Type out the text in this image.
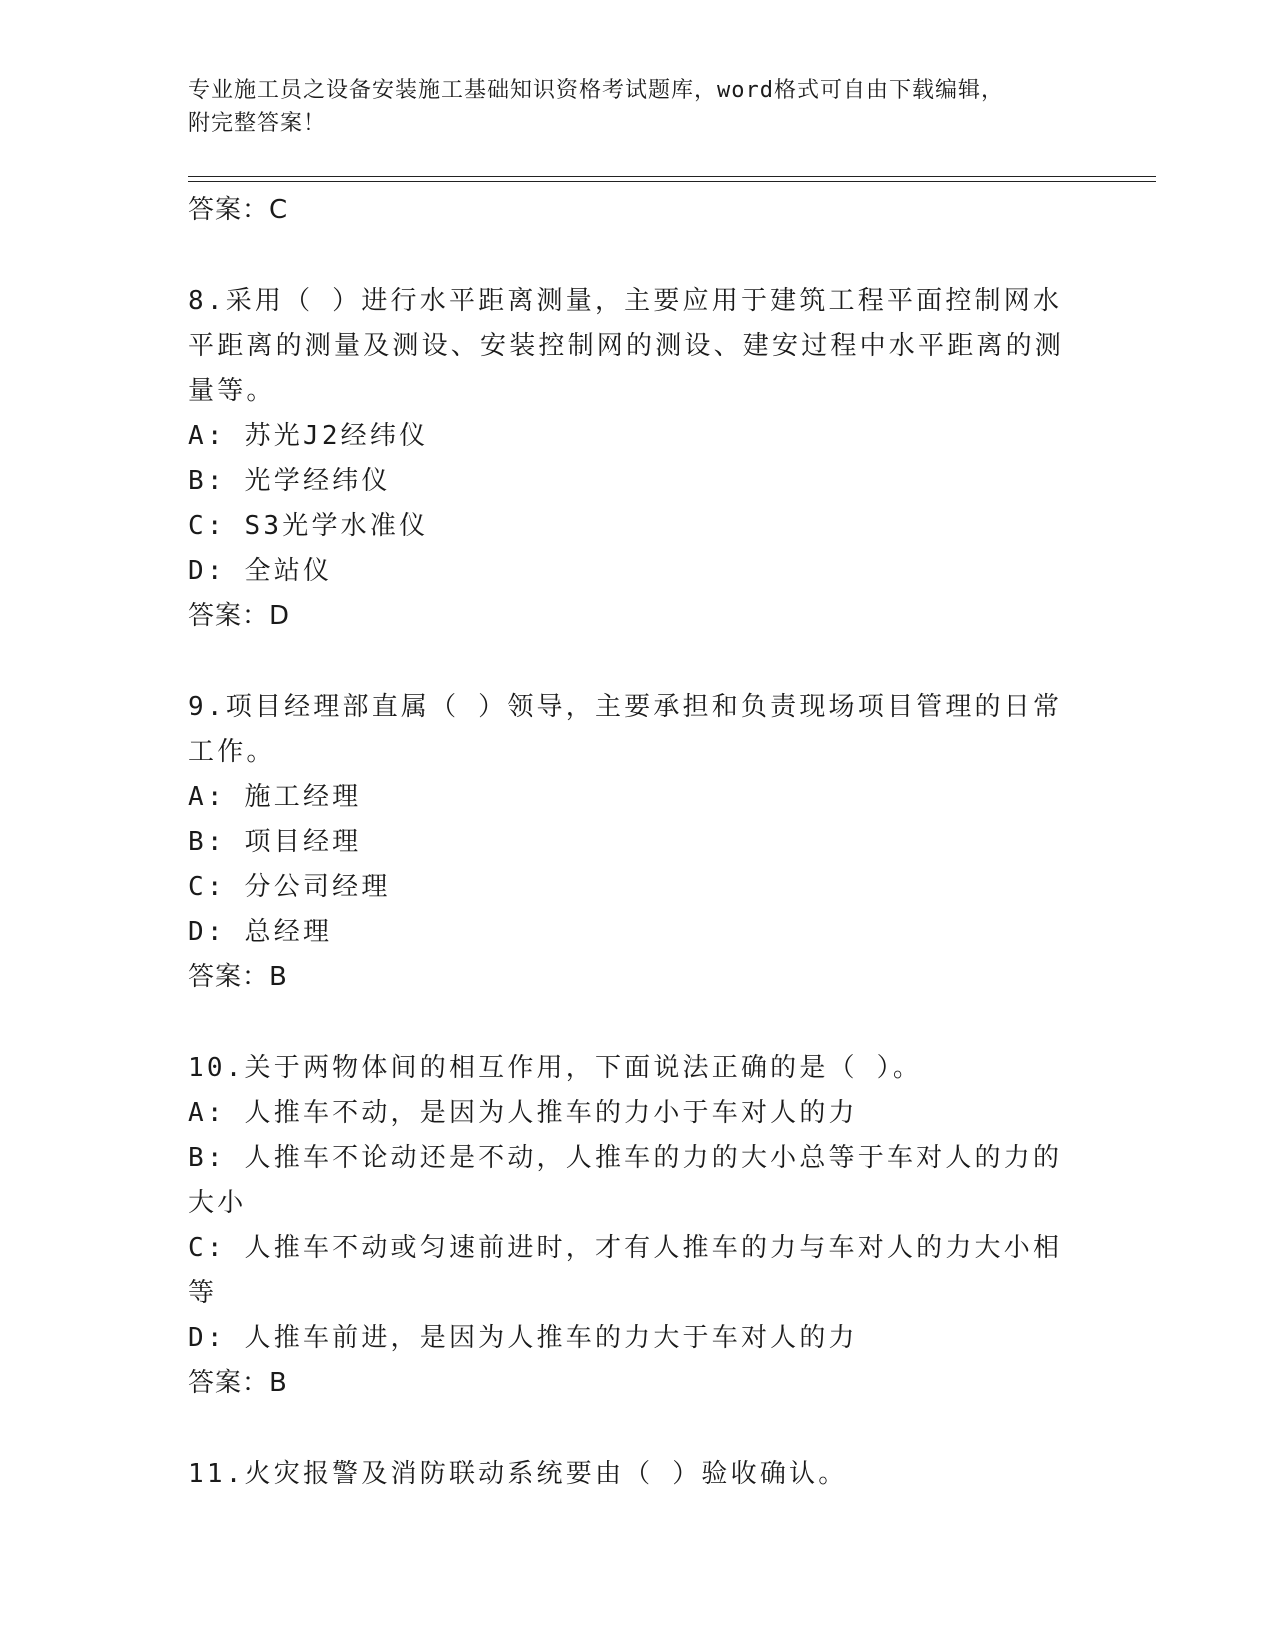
专业施工员之设备安装施工基础知识资格考试题库，word格式可自由下载编辑，
附完整答案！
答案：C
8.采用（ ）进行水平距离测量，主要应用于建筑工程平面控制网水平距离的测量及测设、安装控制网的测设、建安过程中水平距离的测量等。
A: 苏光J2经纬仪
B: 光学经纬仪
C: S3光学水准仪
D: 全站仪
答案：D
9.项目经理部直属（ ）领导，主要承担和负责现场项目管理的日常工作。
A: 施工经理
B: 项目经理
C: 分公司经理
D: 总经理
答案：B
10.关于两物体间的相互作用，下面说法正确的是（ ）。
A: 人推车不动，是因为人推车的力小于车对人的力
B: 人推车不论动还是不动，人推车的力的大小总等于车对人的力的大小
C: 人推车不动或匀速前进时，才有人推车的力与车对人的力大小相等
D: 人推车前进，是因为人推车的力大于车对人的力
答案：B
11.火灾报警及消防联动系统要由（ ）验收确认。
